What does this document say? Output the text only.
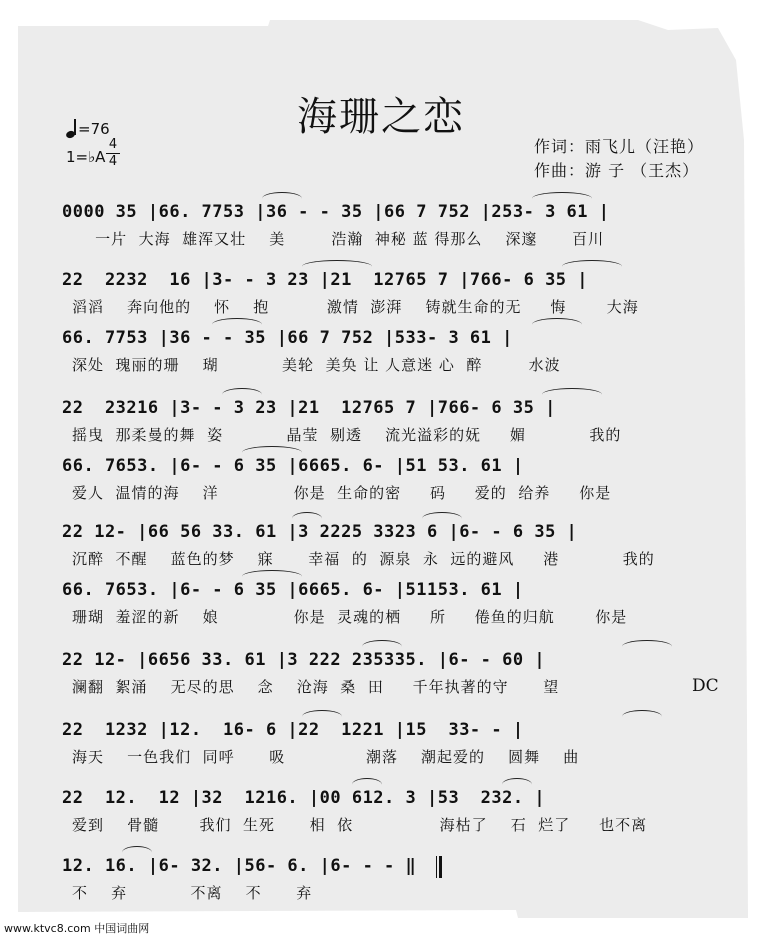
海珊之恋
=76
1=♭A
4
4
作词：雨飞儿（汪艳）
作曲：游 子 （王杰）
0000 35 |66. 7753 |36 - - 35 |66 7 752 |253- 3 61 |
一片  大海  雄浑又壮    美        浩瀚  神秘 蓝 得那么    深邃      百川
22  2232  16 |3- - 3 23 |21  12765 7 |766- 6 35 |
滔滔    奔向他的    怀    抱          激情  澎湃    铸就生命的无     悔       大海
66. 7753 |36 - - 35 |66 7 752 |533- 3 61 |
深处  瑰丽的珊    瑚           美轮  美奂 让 人意迷 心  醉        水波
22  23216 |3- - 3 23 |21  12765 7 |766- 6 35 |
摇曳  那柔曼的舞  姿           晶莹  剔透    流光溢彩的妩     媚           我的
66. 7653. |6- - 6 35 |6665. 6- |51 53. 61 |
爱人  温情的海    洋             你是  生命的密     码     爱的  给养     你是
22 12- |66 56 33. 61 |3 2225 3323 6 |6- - 6 35 |
沉醉  不醒    蓝色的梦    寐      幸福  的  源泉  永  远的避风     港           我的
66. 7653. |6- - 6 35 |6665. 6- |51153. 61 |
珊瑚  羞涩的新    娘             你是  灵魂的栖     所     倦鱼的归航       你是
22 12- |6656 33. 61 |3 222 235335. |6- - 60 |
澜翻  絮涌    无尽的思    念    沧海  桑  田     千年执著的守      望
22  1232 |12.  16- 6 |22  1221 |15  33- - |
海天    一色我们  同呼      吸              潮落    潮起爱的    圆舞    曲
22  12.  12 |32  1216. |00 612. 3 |53  232. |
爱到    骨髓       我们  生死      相  依               海枯了    石  烂了     也不离
12. 16. |6- 32. |56- 6. |6- - - ‖
不    弃           不离    不      弃
DC
www.ktvc8.com 中国词曲网
